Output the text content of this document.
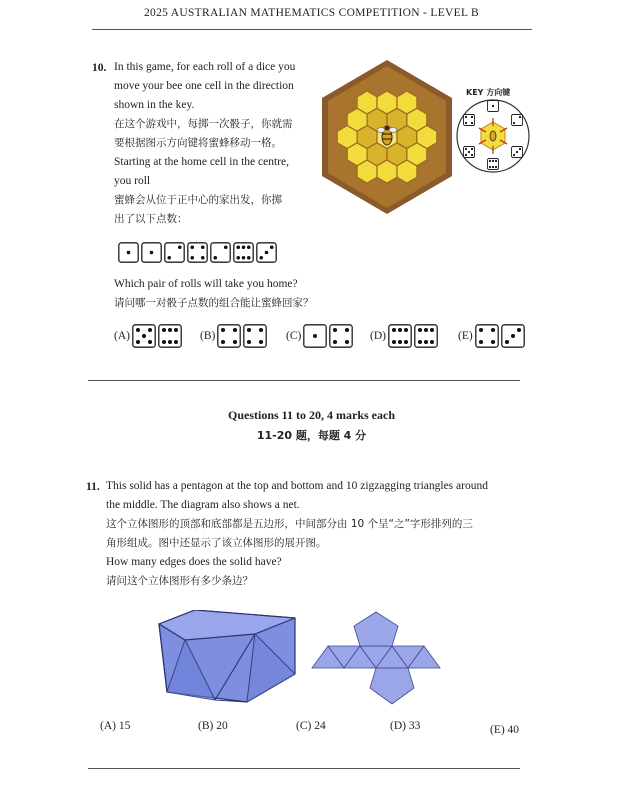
2025 AUSTRALIAN MATHEMATICS COMPETITION - LEVEL B
10. In this game, for each roll of a dice you
move your bee one cell in the direction
shown in the key.
在这个游戏中，每掷一次骰子，你就需
要根据图示方向键将蜜蜂移动一格。
Starting at the home cell in the centre,
you roll
蜜蜂会从位于正中心的家出发，你掷
出了以下点数：
KEY 方向键
Which pair of rolls will take you home?
请问哪一对骰子点数的组合能让蜜蜂回家？
(A)	(B)	(C)	(D)	(E)
Questions 11 to 20, 4 marks each
11-20 题，每题 4 分
11. This solid has a pentagon at the top and bottom and 10 zigzagging triangles around
the middle. The diagram also shows a net.
这个立体图形的顶部和底部都是五边形，中间部分由 10 个呈“之”字形排列的三
角形组成。图中还显示了该立体图形的展开图。
How many edges does the solid have?
请问这个立体图形有多少条边？
(A) 15	(B) 20	(C) 24	(D) 33	(E) 40
